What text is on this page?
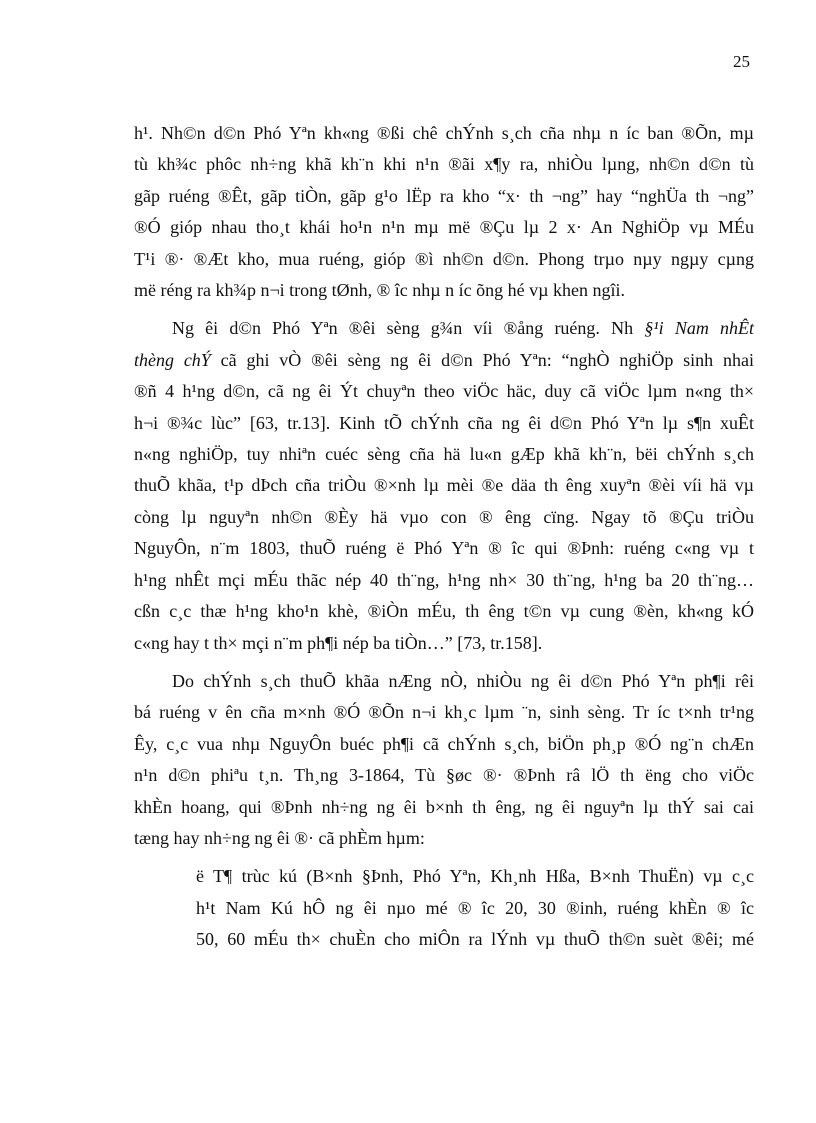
25

h¹. Nh©n d©n Phó Yªn kh«ng ®ßi chê chÝnh s¸ch cña nhµ n íc ban ®Õn, mµ
tù kh¾c phôc nh÷ng khã kh¨n khi n¹n ®ãi x¶y ra, nhiÒu lµng, nh©n d©n tù
gãp ruéng ®Êt, gãp tiÒn, gãp g¹o lËp ra kho “x· th ¬ng” hay “nghÜa th ¬ng”
®Ó gióp nhau tho¸t khái ho¹n n¹n mµ më ®Çu lµ 2 x· An NghiÖp vµ MÉu
T¹i ®· ®Æt kho, mua ruéng, gióp ®ì nh©n d©n. Phong trµo nµy ngµy cµng
më réng ra kh¾p n¬i trong tØnh, ® îc nhµ n íc õng hé vµ khen ngîi.

Ng êi d©n Phó Yªn ®êi sèng g¾n víi ®ång ruéng. Nh §¹i Nam nhÊt
thèng chÝ cã ghi vÒ ®êi sèng ng êi d©n Phó Yªn: “nghÒ nghiÖp sinh nhai
®ñ 4 h¹ng d©n, cã ng êi Ýt chuyªn theo viÖc häc, duy cã viÖc lµm n«ng th×
h¬i ®¾c lùc” [63, tr.13]. Kinh tÕ chÝnh cña ng êi d©n Phó Yªn lµ s¶n xuÊt
n«ng nghiÖp, tuy nhiªn cuéc sèng cña hä lu«n gÆp khã kh¨n, bëi chÝnh s¸ch
thuÕ khãa, t¹p dÞch cña triÒu ®×nh lµ mèi ®e däa th êng xuyªn ®èi víi hä vµ
còng lµ nguyªn nh©n ®Èy hä vµo con ® êng cïng. Ngay tõ ®Çu triÒu
NguyÔn, n¨m 1803, thuÕ ruéng ë Phó Yªn ® îc qui ®Þnh: ruéng c«ng vµ t
h¹ng nhÊt mçi mÉu thãc nép 40 th¨ng, h¹ng nh× 30 th¨ng, h¹ng ba 20 th¨ng…
cßn c¸c thæ h¹ng kho¹n khè, ®iÒn mÉu, th êng t©n vµ cung ®èn, kh«ng kÓ
c«ng hay t th× mçi n¨m ph¶i nép ba tiÒn…” [73, tr.158].

Do chÝnh s¸ch thuÕ khãa nÆng nÒ, nhiÒu ng êi d©n Phó Yªn ph¶i rêi
bá ruéng v ên cña m×nh ®Ó ®Õn n¬i kh¸c lµm ¨n, sinh sèng. Tr íc t×nh tr¹ng
Êy, c¸c vua nhµ NguyÔn buéc ph¶i cã chÝnh s¸ch, biÖn ph¸p ®Ó ng¨n chÆn
n¹n d©n phiªu t¸n. Th¸ng 3-1864, Tù §øc ®· ®Þnh râ lÖ th ëng cho viÖc
khÈn hoang, qui ®Þnh nh÷ng ng êi b×nh th êng, ng êi nguyªn lµ thÝ sai cai
tæng hay nh÷ng ng êi ®· cã phÈm hµm:

ë T¶ trùc kú (B×nh §Þnh, Phó Yªn, Kh¸nh Hßa, B×nh ThuËn) vµ c¸c
h¹t Nam Kú hÔ ng êi nµo mé ® îc 20, 30 ®inh, ruéng khÈn ® îc
50, 60 mÉu th× chuÈn cho miÔn ra lÝnh vµ thuÕ th©n suèt ®êi; mé
